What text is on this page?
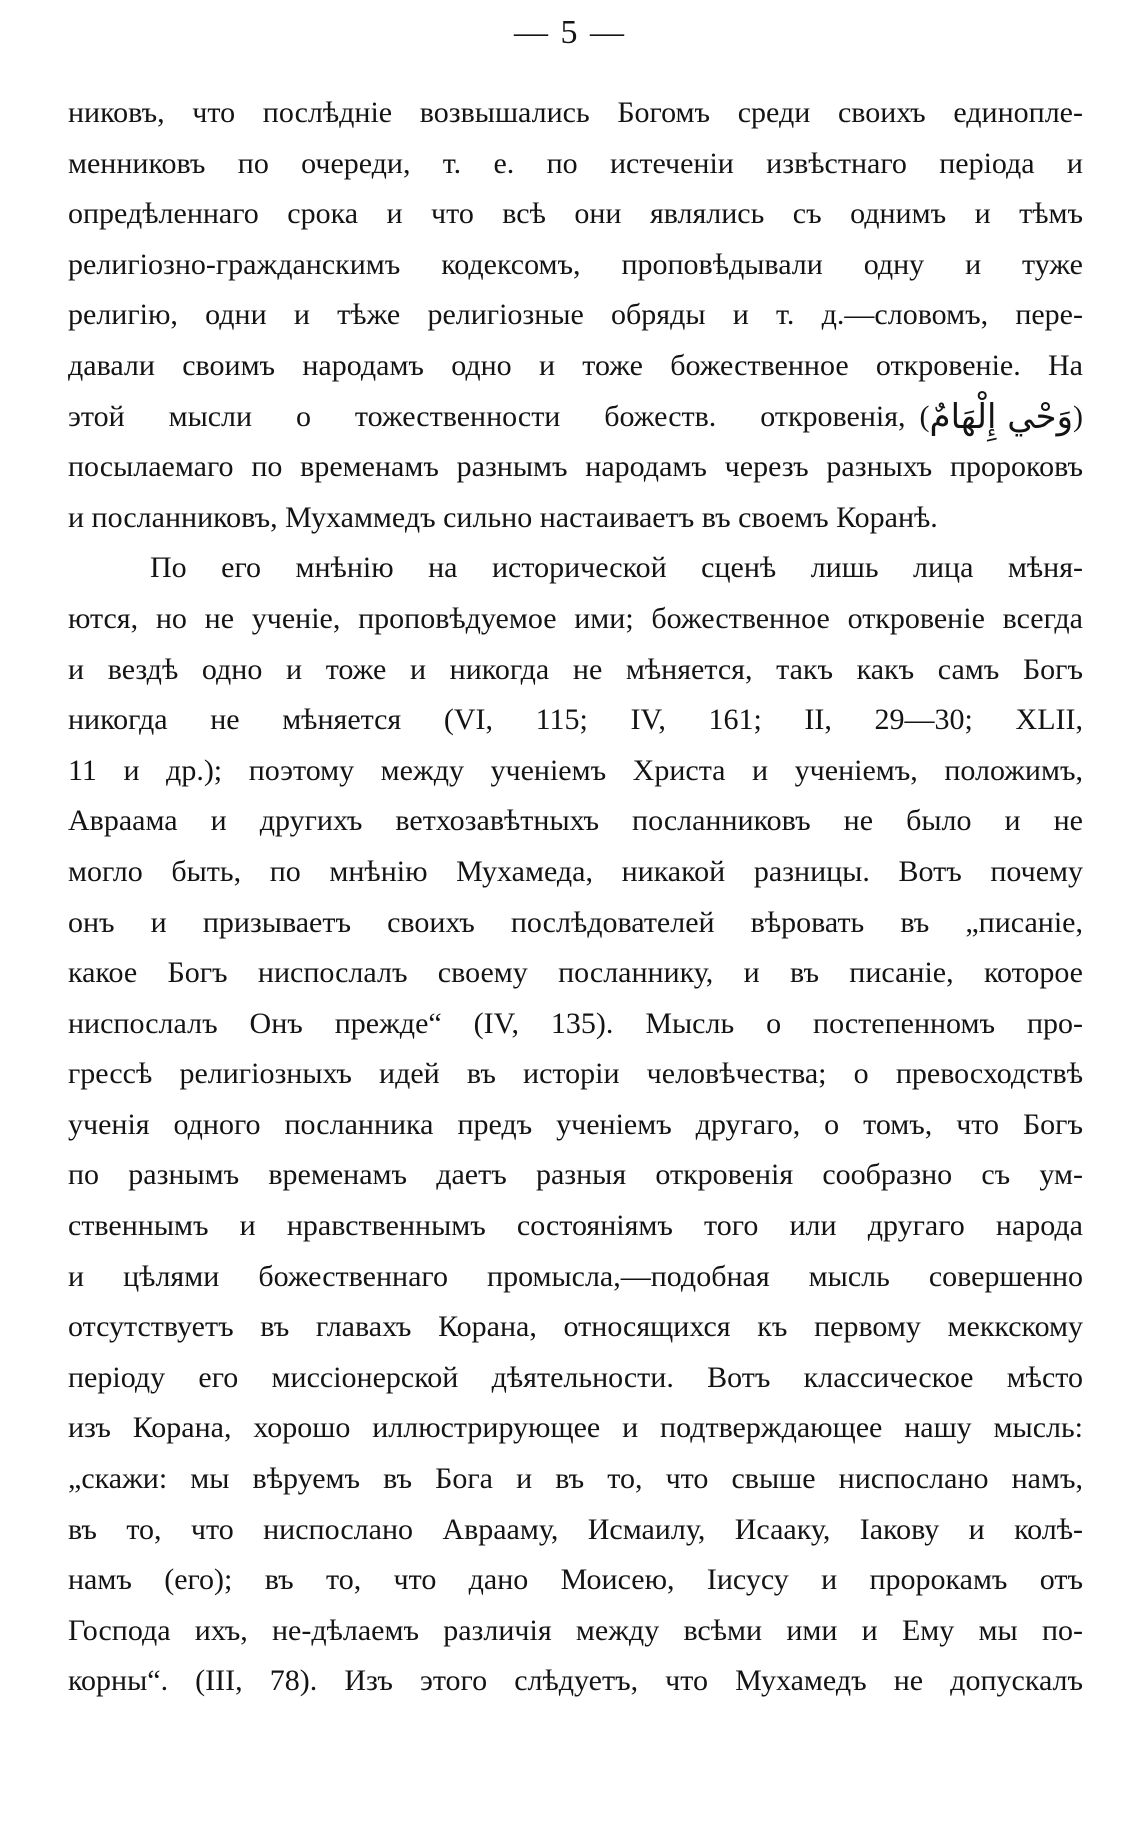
— 5 —
никовъ, что послѣдніе возвышались Богомъ среди своихъ единопле-
менниковъ по очереди, т. е. по истеченіи извѣстнаго періода и
опредѣленнаго срока и что всѣ они являлись съ однимъ и тѣмъ
религіозно-гражданскимъ кодексомъ, проповѣдывали одну и туже
религію, одни и тѣже религіозные обряды и т. д.—словомъ, пере-
давали своимъ народамъ одно и тоже божественное откровеніе. На
этой мысли о тожественности божеств. откровенія, ( وَحْي إِلْهَامٌ )
посылаемаго по временамъ разнымъ народамъ черезъ разныхъ пророковъ
и посланниковъ, Мухаммедъ сильно настаиваетъ въ своемъ Коранѣ.
По его мнѣнію на исторической сценѣ лишь лица мѣня-
ются, но не ученіе, проповѣдуемое ими; божественное откровеніе всегда
и вездѣ одно и тоже и никогда не мѣняется, такъ какъ самъ Богъ
никогда не мѣняется (VI, 115; IV, 161; II, 29—30; XLII,
11 и др.); поэтому между ученіемъ Христа и ученіемъ, положимъ,
Авраама и другихъ ветхозавѣтныхъ посланниковъ не было и не
могло быть, по мнѣнію Мухамеда, никакой разницы. Вотъ почему
онъ и призываетъ своихъ послѣдователей вѣровать въ „писаніе,
какое Богъ ниспослалъ своему посланнику, и въ писаніе, которое
ниспослалъ Онъ прежде“ (IV, 135). Мысль о постепенномъ про-
грессѣ религіозныхъ идей въ исторіи человѣчества; о превосходствѣ
ученія одного посланника предъ ученіемъ другаго, о томъ, что Богъ
по разнымъ временамъ даетъ разныя откровенія сообразно съ ум-
ственнымъ и нравственнымъ состояніямъ того или другаго народа
и цѣлями божественнаго промысла,—подобная мысль совершенно
отсутствуетъ въ главахъ Корана, относящихся къ первому меккскому
періоду его миссіонерской дѣятельности. Вотъ классическое мѣсто
изъ Корана, хорошо иллюстрирующее и подтверждающее нашу мысль:
„скажи: мы вѣруемъ въ Бога и въ то, что свыше ниспослано намъ,
въ то, что ниспослано Аврааму, Исмаилу, Исааку, Іакову и колѣ-
намъ (его); въ то, что дано Моисею, Іисусу и пророкамъ отъ
Господа ихъ, не-дѣлаемъ различія между всѣми ими и Ему мы по-
корны“. (III, 78). Изъ этого слѣдуетъ, что Мухамедъ не допускалъ
